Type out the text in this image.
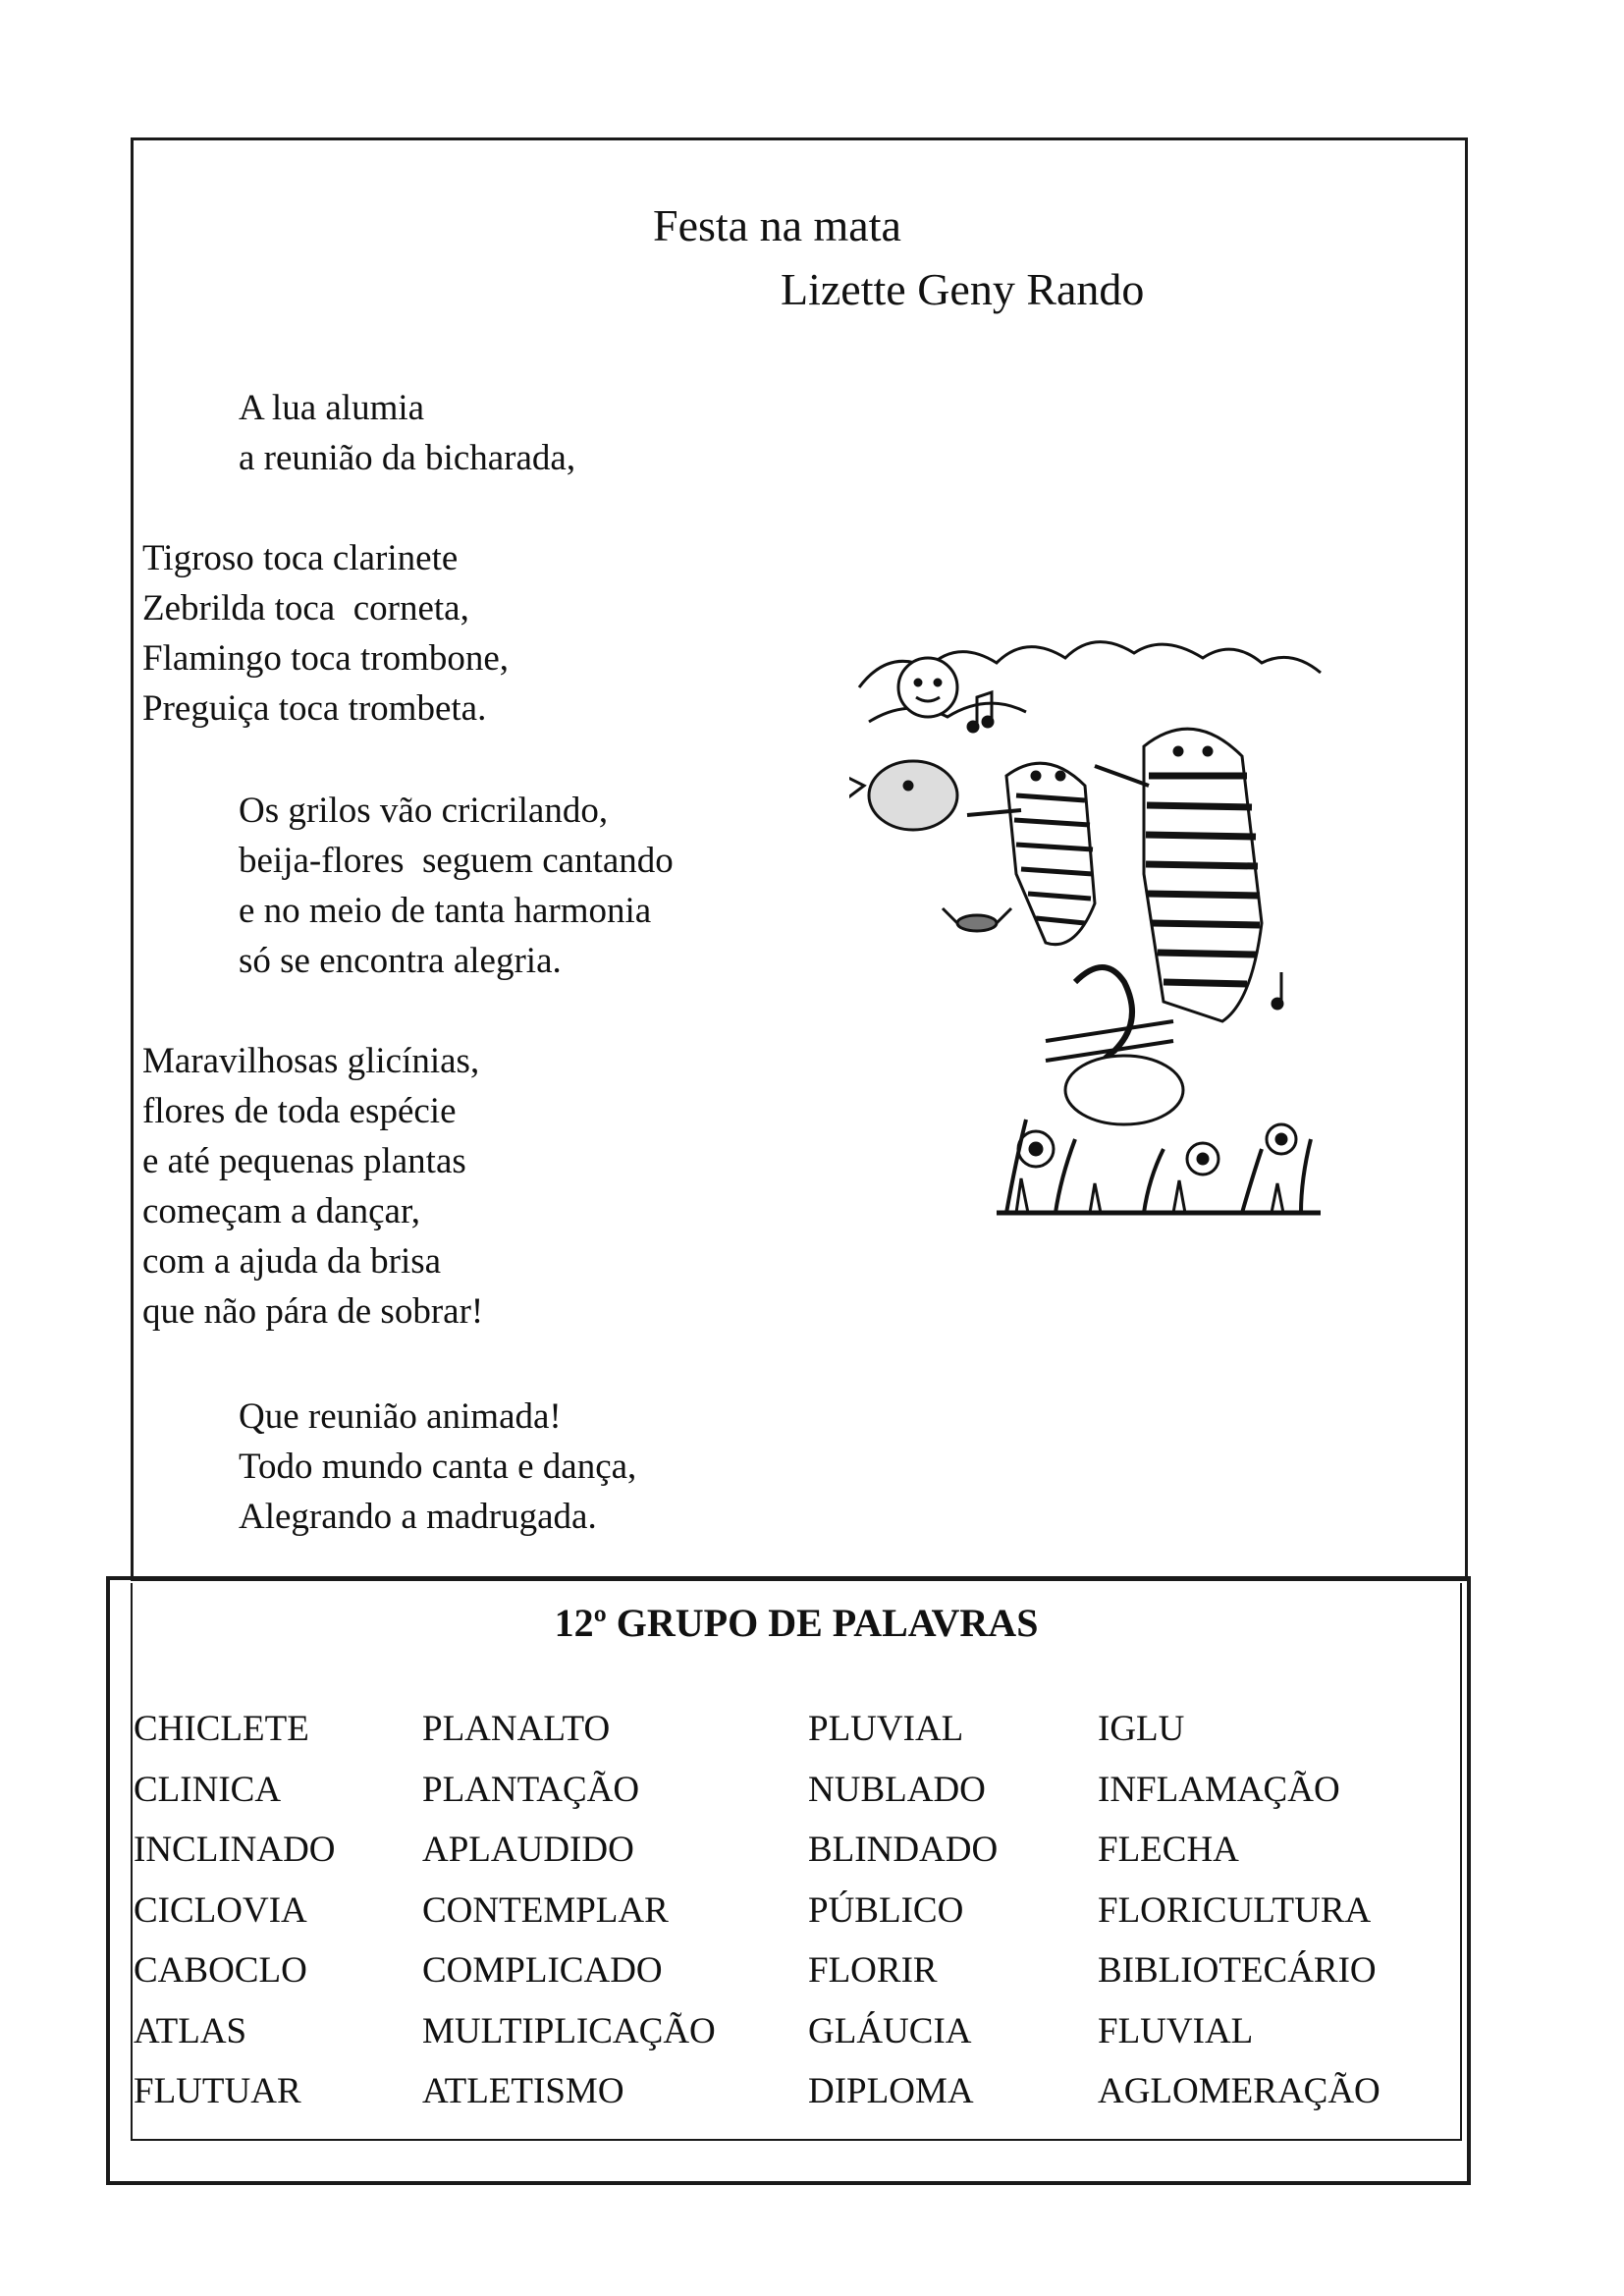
Festa na mata
Lizette Geny Rando
A lua alumia
a reunião da bicharada,
Tigroso toca clarinete
Zebrilda toca  corneta,
Flamingo toca trombone,
Preguiça toca trombeta.
Os grilos vão cricrilando,
beija-flores  seguem cantando
e no meio de tanta harmonia
só se encontra alegria.
Maravilhosas glicínias,
flores de toda espécie
e até pequenas plantas
começam a dançar,
com a ajuda da brisa
que não pára de sobrar!
Que reunião animada!
Todo mundo canta e dança,
Alegrando a madrugada.
12º GRUPO DE PALAVRAS
CHICLETE
CLINICA
INCLINADO
CICLOVIA
CABOCLO
ATLAS
FLUTUAR
PLANALTO
PLANTAÇÃO
APLAUDIDO
CONTEMPLAR
COMPLICADO
MULTIPLICAÇÃO
ATLETISMO
PLUVIAL
NUBLADO
BLINDADO
PÚBLICO
FLORIR
GLÁUCIA
DIPLOMA
IGLU
INFLAMAÇÃO
FLECHA
FLORICULTURA
BIBLIOTECÁRIO
FLUVIAL
AGLOMERAÇÃO
